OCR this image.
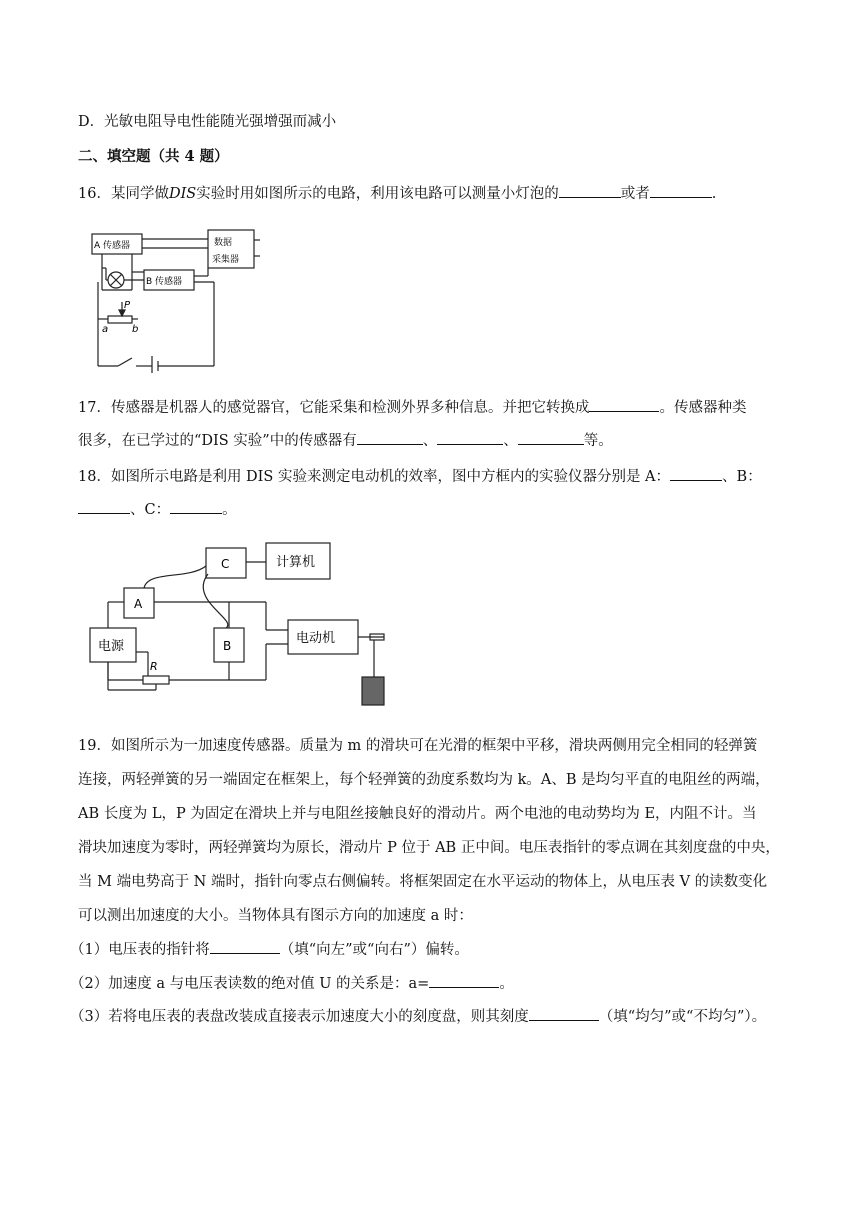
D．光敏电阻导电性能随光强增强而减小
二、填空题（共 4 题）
16．某同学做DIS实验时用如图所示的电路，利用该电路可以测量小灯泡的	或者	.
A 传感器	数据
采集器
B 传感器
P
a b
17．传感器是机器人的感觉器官，它能采集和检测外界多种信息。并把它转换成	。传感器种类
很多，在已学过的“DIS 实验”中的传感器有	、	、	等。
18．如图所示电路是利用 DIS 实验来测定电动机的效率，图中方框内的实验仪器分别是 A：	、B：
、C：	。
C	计算机
A
电源	B	电动机
R
19．如图所示为一加速度传感器。质量为 m 的滑块可在光滑的框架中平移，滑块两侧用完全相同的轻弹簧
连接，两轻弹簧的另一端固定在框架上，每个轻弹簧的劲度系数均为 k。A、B 是均匀平直的电阻丝的两端，
AB 长度为 L，P 为固定在滑块上并与电阻丝接触良好的滑动片。两个电池的电动势均为 E，内阻不计。当
滑块加速度为零时，两轻弹簧均为原长，滑动片 P 位于 AB 正中间。电压表指针的零点调在其刻度盘的中央，
当 M 端电势高于 N 端时，指针向零点右侧偏转。将框架固定在水平运动的物体上，从电压表 V 的读数变化
可以测出加速度的大小。当物体具有图示方向的加速度 a 时：
（1）电压表的指针将	（填“向左”或“向右”）偏转。
（2）加速度 a 与电压表读数的绝对值 U 的关系是：a=	。
（3）若将电压表的表盘改装成直接表示加速度大小的刻度盘，则其刻度	（填“均匀”或“不均匀”）。
